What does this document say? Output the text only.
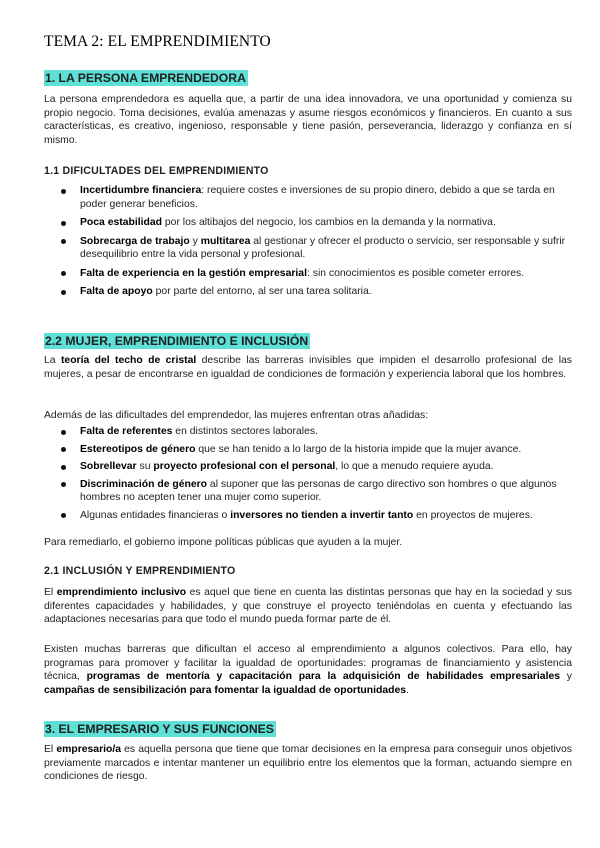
TEMA 2: EL EMPRENDIMIENTO
1. LA PERSONA EMPRENDEDORA
La persona emprendedora es aquella que, a partir de una idea innovadora, ve una oportunidad y comienza su propio negocio. Toma decisiones, evalúa amenazas y asume riesgos económicos y financieros. En cuanto a sus características, es creativo, ingenioso, responsable y tiene pasión, perseverancia, liderazgo y confianza en sí mismo.
1.1 DIFICULTADES DEL EMPRENDIMIENTO
Incertidumbre financiera: requiere costes e inversiones de su propio dinero, debido a que se tarda en poder generar beneficios.
Poca estabilidad por los altibajos del negocio, los cambios en la demanda y la normativa.
Sobrecarga de trabajo y multitarea al gestionar y ofrecer el producto o servicio, ser responsable y sufrir desequilibrio entre la vida personal y profesional.
Falta de experiencia en la gestión empresarial: sin conocimientos es posible cometer errores.
Falta de apoyo por parte del entorno, al ser una tarea solitaria.
2.2 MUJER, EMPRENDIMIENTO E INCLUSIÓN
La teoría del techo de cristal describe las barreras invisibles que impiden el desarrollo profesional de las mujeres, a pesar de encontrarse en igualdad de condiciones de formación y experiencia laboral que los hombres.
Además de las dificultades del emprendedor, las mujeres enfrentan otras añadidas:
Falta de referentes en distintos sectores laborales.
Estereotipos de género que se han tenido a lo largo de la historia impide que la mujer avance.
Sobrellevar su proyecto profesional con el personal, lo que a menudo requiere ayuda.
Discriminación de género al suponer que las personas de cargo directivo son hombres o que algunos hombres no acepten tener una mujer como superior.
Algunas entidades financieras o inversores no tienden a invertir tanto en proyectos de mujeres.
Para remediarlo, el gobierno impone políticas públicas que ayuden a la mujer.
2.1 INCLUSIÓN Y EMPRENDIMIENTO
El emprendimiento inclusivo es aquel que tiene en cuenta las distintas personas que hay en la sociedad y sus diferentes capacidades y habilidades, y que construye el proyecto teniéndolas en cuenta y efectuando las adaptaciones necesarias para que todo el mundo pueda formar parte de él.
Existen muchas barreras que dificultan el acceso al emprendimiento a algunos colectivos. Para ello, hay programas para promover y facilitar la igualdad de oportunidades: programas de financiamiento y asistencia técnica, programas de mentoría y capacitación para la adquisición de habilidades empresariales y campañas de sensibilización para fomentar la igualdad de oportunidades.
3. EL EMPRESARIO Y SUS FUNCIONES
El empresario/a es aquella persona que tiene que tomar decisiones en la empresa para conseguir unos objetivos previamente marcados e intentar mantener un equilibrio entre los elementos que la forman, actuando siempre en condiciones de riesgo.
